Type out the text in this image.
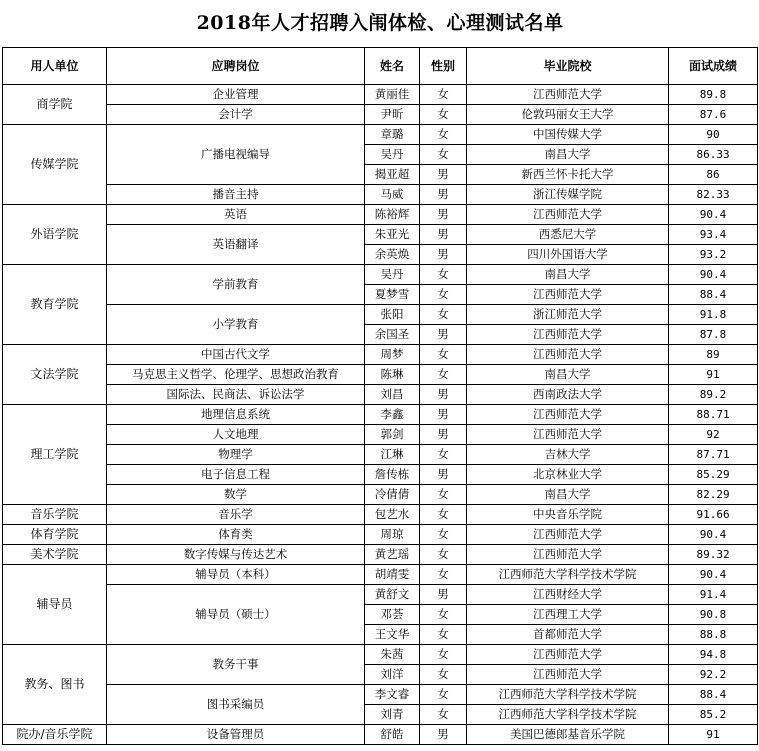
2018年人才招聘入闱体检、心理测试名单					
用人单位	应聘岗位	姓名	性别	毕业院校	面试成绩
商学院	企业管理	黄丽佳	女	江西师范大学	89.8
	会计学	尹昕	女	伦敦玛丽女王大学	87.6
传媒学院	广播电视编导	章璐	女	中国传媒大学	90
		吴丹	女	南昌大学	86.33
		揭亚超	男	新西兰怀卡托大学	86
	播音主持	马威	男	浙江传媒学院	82.33
外语学院	英语	陈裕辉	男	江西师范大学	90.4
	英语翻译	朱亚光	男	西悉尼大学	93.4
		余英焕	男	四川外国语大学	93.2
教育学院	学前教育	吴丹	女	南昌大学	90.4
		夏梦雪	女	江西师范大学	88.4
	小学教育	张阳	女	浙江师范大学	91.8
		余国圣	男	江西师范大学	87.8
文法学院	中国古代文学	周梦	女	江西师范大学	89
	马克思主义哲学、伦理学、思想政治教育	陈琳	女	南昌大学	91
	国际法、民商法、诉讼法学	刘昌	男	西南政法大学	89.2
理工学院	地理信息系统	李鑫	男	江西师范大学	88.71
	人文地理	郭剑	男	江西师范大学	92
	物理学	江琳	女	吉林大学	87.71
	电子信息工程	詹传栋	男	北京林业大学	85.29
	数学	冷倩倩	女	南昌大学	82.29
音乐学院	音乐学	包艺水	女	中央音乐学院	91.66
体育学院	体育类	周琼	女	江西师范大学	90.4
美术学院	数字传媒与传达艺术	黄艺瑶	女	江西师范大学	89.32
辅导员	辅导员（本科）	胡靖雯	女	江西师范大学科学技术学院	90.4
	辅导员（硕士）	黄舒文	男	江西财经大学	91.4
		邓荟	女	江西理工大学	90.8
		王文华	女	首都师范大学	88.8
教务、图书	教务干事	朱茜	女	江西师范大学	94.8
		刘洋	女	江西师范大学	92.2
	图书采编员	李文睿	女	江西师范大学科学技术学院	88.4
		刘青	女	江西师范大学科学技术学院	85.2
院办/音乐学院	设备管理员	舒皓	男	美国巴德郎基音乐学院	91
